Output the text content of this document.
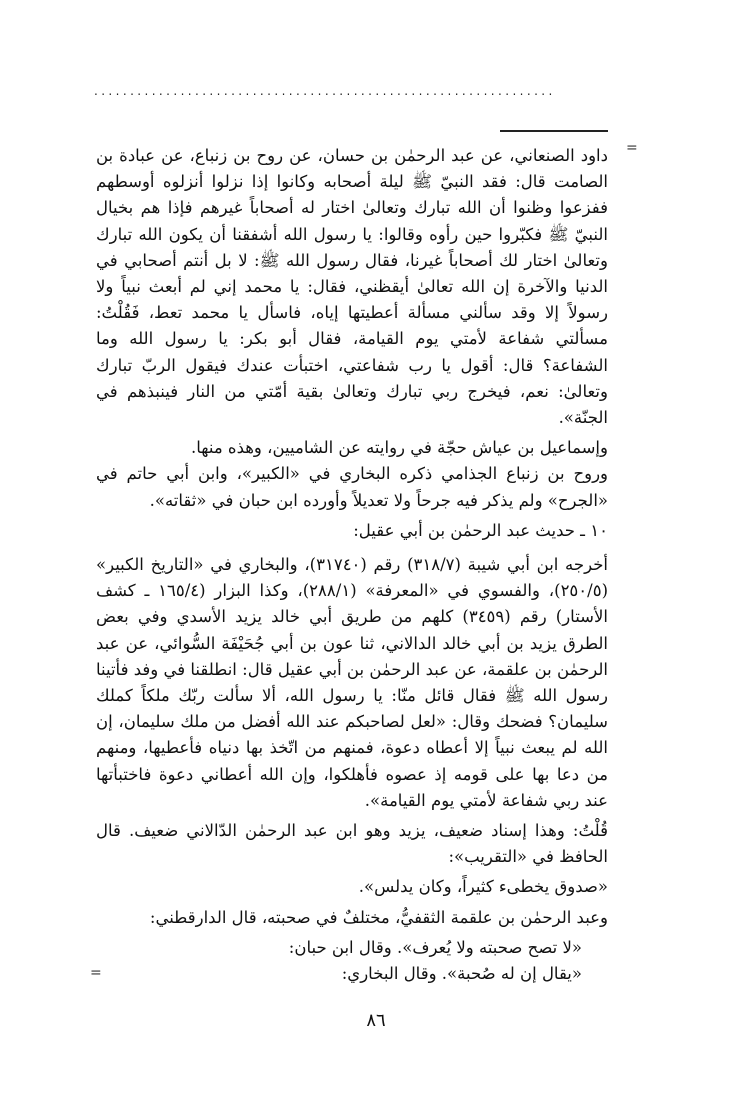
................................................................
=
=

داود الصنعاني، عن عبد الرحمٰن بن حسان، عن روح بن زنباع، عن عبادة بن الصامت قال: فقد النبيّ ﷺ ليلة أصحابه وكانوا إذا نزلوا أنزلوه أوسطهم ففزعوا وظنوا أن الله تبارك وتعالىٰ اختار له أصحاباً غيرهم فإذا هم بخيال النبيّ ﷺ فكبّروا حين رأوه وقالوا: يا رسول الله أشفقنا أن يكون الله تبارك وتعالىٰ اختار لك أصحاباً غيرنا، فقال رسول الله ﷺ: لا بل أنتم أصحابي في الدنيا والآخرة إن الله تعالىٰ أيقظني، فقال: يا محمد إني لم أبعث نبياً ولا رسولاً إلا وقد سألني مسألة أعطيتها إياه، فاسأل يا محمد تعط، فَقُلْتُ: مسألتي شفاعة لأمتي يوم القيامة، فقال أبو بكر: يا رسول الله وما الشفاعة؟ قال: أقول يا رب شفاعتي، اختبأت عندك فيقول الربّ تبارك وتعالىٰ: نعم، فيخرج ربي تبارك وتعالىٰ بقية أمّتي من النار فينبذهم في الجنّة».

وإسماعيل بن عياش حجّة في روايته عن الشاميين، وهذه منها.

وروح بن زنباع الجذامي ذكره البخاري في «الكبير»، وابن أبي حاتم في «الجرح» ولم يذكر فيه جرحاً ولا تعديلاً وأورده ابن حبان في «ثقاته».

١٠ ـ حديث عبد الرحمٰن بن أبي عقيل:

أخرجه ابن أبي شيبة (٣١٨/٧) رقم (٣١٧٤٠)، والبخاري في «التاريخ الكبير» (٢٥٠/٥)، والفسوي في «المعرفة» (٢٨٨/١)، وكذا البزار (١٦٥/٤ ـ كشف الأستار) رقم (٣٤٥٩) كلهم من طريق أبي خالد يزيد الأسدي وفي بعض الطرق يزيد بن أبي خالد الدالاني، ثنا عون بن أبي جُحَيْفَة السُّوائي، عن عبد الرحمٰن بن علقمة، عن عبد الرحمٰن بن أبي عقيل قال: انطلقنا في وفد فأتينا رسول الله ﷺ فقال قائل منّا: يا رسول الله، ألا سألت ربّك ملكاً كملك سليمان؟ فضحك وقال: «لعل لصاحبكم عند الله أفضل من ملك سليمان، إن الله لم يبعث نبياً إلا أعطاه دعوة، فمنهم من اتّخذ بها دنياه فأعطيها، ومنهم من دعا بها على قومه إذ عصوه فأهلكوا، وإن الله أعطاني دعوة فاختبأتها عند ربي شفاعة لأمتي يوم القيامة».

قُلْتُ: وهذا إسناد ضعيف، يزيد وهو ابن عبد الرحمٰن الدّالاني ضعيف. قال الحافظ في «التقريب»:

«صدوق يخطىء كثيراً، وكان يدلس».

وعبد الرحمٰن بن علقمة الثقفيُّ، مختلفٌ في صحبته، قال الدارقطني:

«لا تصح صحبته ولا يُعرف». وقال ابن حبان:

«يقال إن له صُحبة». وقال البخاري:

٨٦
